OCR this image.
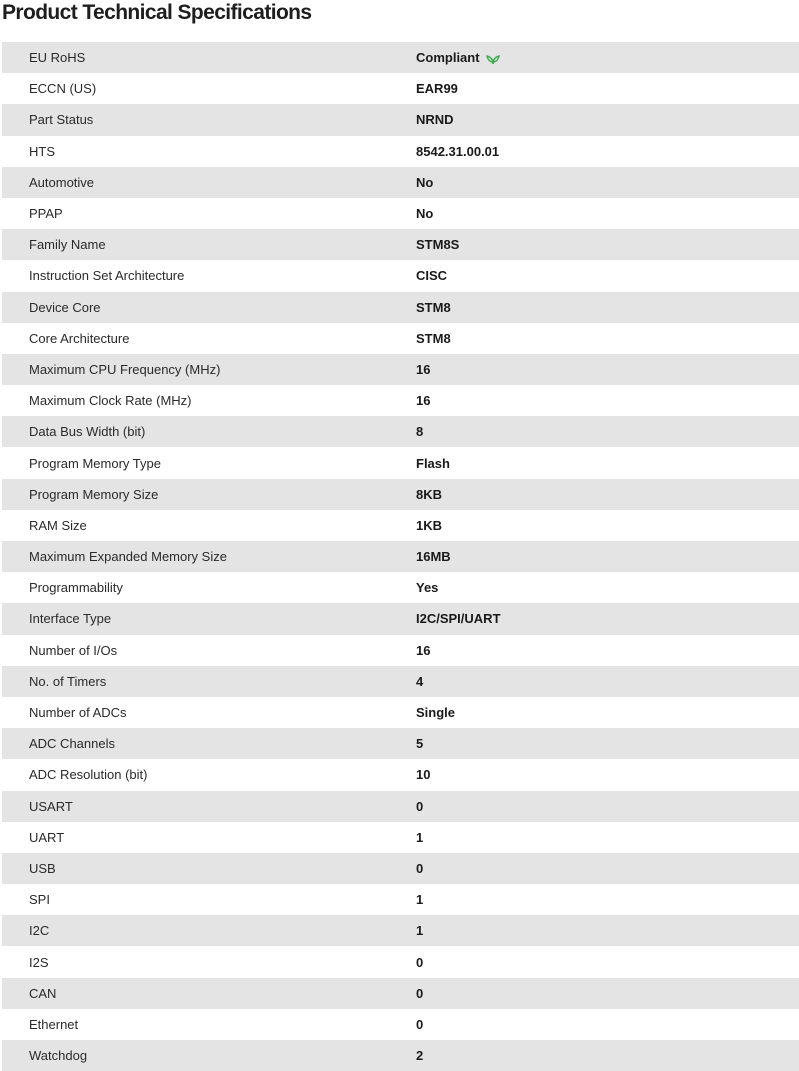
Product Technical Specifications
EU RoHS	Compliant
ECCN (US)	EAR99
Part Status	NRND
HTS	8542.31.00.01
Automotive	No
PPAP	No
Family Name	STM8S
Instruction Set Architecture	CISC
Device Core	STM8
Core Architecture	STM8
Maximum CPU Frequency (MHz)	16
Maximum Clock Rate (MHz)	16
Data Bus Width (bit)	8
Program Memory Type	Flash
Program Memory Size	8KB
RAM Size	1KB
Maximum Expanded Memory Size	16MB
Programmability	Yes
Interface Type	I2C/SPI/UART
Number of I/Os	16
No. of Timers	4
Number of ADCs	Single
ADC Channels	5
ADC Resolution (bit)	10
USART	0
UART	1
USB	0
SPI	1
I2C	1
I2S	0
CAN	0
Ethernet	0
Watchdog	2
